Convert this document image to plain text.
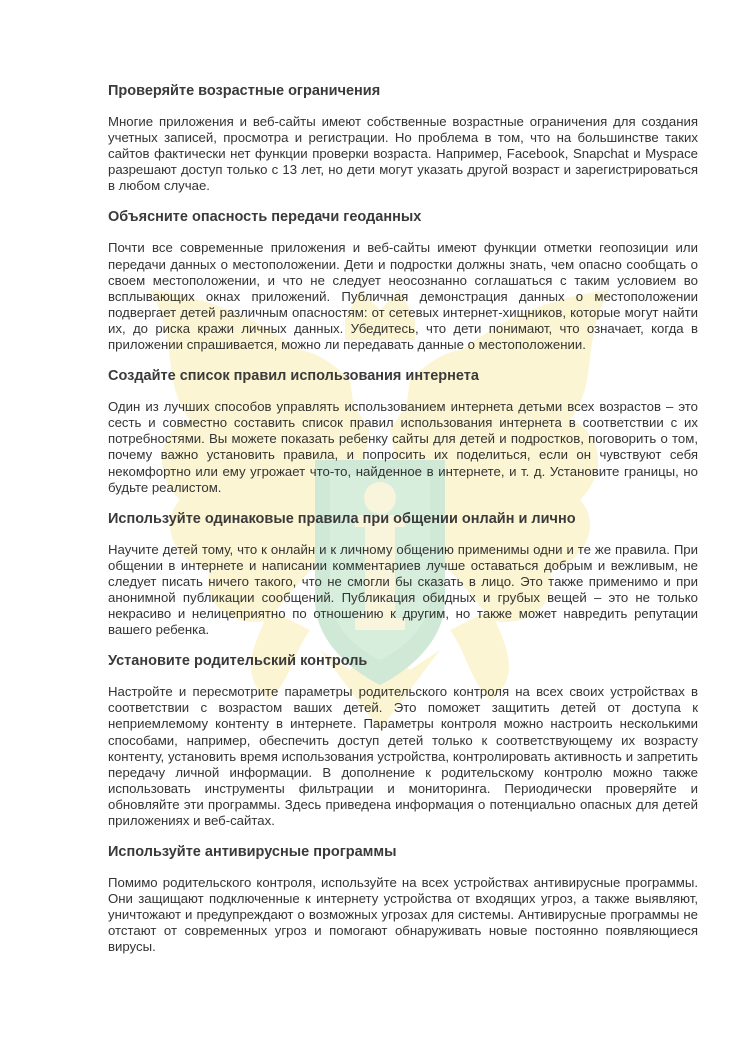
Проверяйте возрастные ограничения

Многие приложения и веб-сайты имеют собственные возрастные ограничения для создания учетных записей, просмотра и регистрации. Но проблема в том, что на большинстве таких сайтов фактически нет функции проверки возраста. Например, Facebook, Snapchat и Myspace разрешают доступ только с 13 лет, но дети могут указать другой возраст и зарегистрироваться в любом случае.

Объясните опасность передачи геоданных

Почти все современные приложения и веб-сайты имеют функции отметки геопозиции или передачи данных о местоположении. Дети и подростки должны знать, чем опасно сообщать о своем местоположении, и что не следует неосознанно соглашаться с таким условием во всплывающих окнах приложений. Публичная демонстрация данных о местоположении подвергает детей различным опасностям: от сетевых интернет-хищников, которые могут найти их, до риска кражи личных данных. Убедитесь, что дети понимают, что означает, когда в приложении спрашивается, можно ли передавать данные о местоположении.

Создайте список правил использования интернета

Один из лучших способов управлять использованием интернета детьми всех возрастов – это сесть и совместно составить список правил использования интернета в соответствии с их потребностями. Вы можете показать ребенку сайты для детей и подростков, поговорить о том, почему важно установить правила, и попросить их поделиться, если он чувствуют себя некомфортно или ему угрожает что-то, найденное в интернете, и т. д. Установите границы, но будьте реалистом.

Используйте одинаковые правила при общении онлайн и лично

Научите детей тому, что к онлайн и к личному общению применимы одни и те же правила. При общении в интернете и написании комментариев лучше оставаться добрым и вежливым, не следует писать ничего такого, что не смогли бы сказать в лицо. Это также применимо и при анонимной публикации сообщений. Публикация обидных и грубых вещей – это не только некрасиво и нелицеприятно по отношению к другим, но также может навредить репутации вашего ребенка.

Установите родительский контроль

Настройте и пересмотрите параметры родительского контроля на всех своих устройствах в соответствии с возрастом ваших детей. Это поможет защитить детей от доступа к неприемлемому контенту в интернете. Параметры контроля можно настроить несколькими способами, например, обеспечить доступ детей только к соответствующему их возрасту контенту, установить время использования устройства, контролировать активность и запретить передачу личной информации. В дополнение к родительскому контролю можно также использовать инструменты фильтрации и мониторинга. Периодически проверяйте и обновляйте эти программы. Здесь приведена информация о потенциально опасных для детей приложениях и веб-сайтах.

Используйте антивирусные программы

Помимо родительского контроля, используйте на всех устройствах антивирусные программы. Они защищают подключенные к интернету устройства от входящих угроз, а также выявляют, уничтожают и предупреждают о возможных угрозах для системы. Антивирусные программы не отстают от современных угроз и помогают обнаруживать новые постоянно появляющиеся вирусы.
